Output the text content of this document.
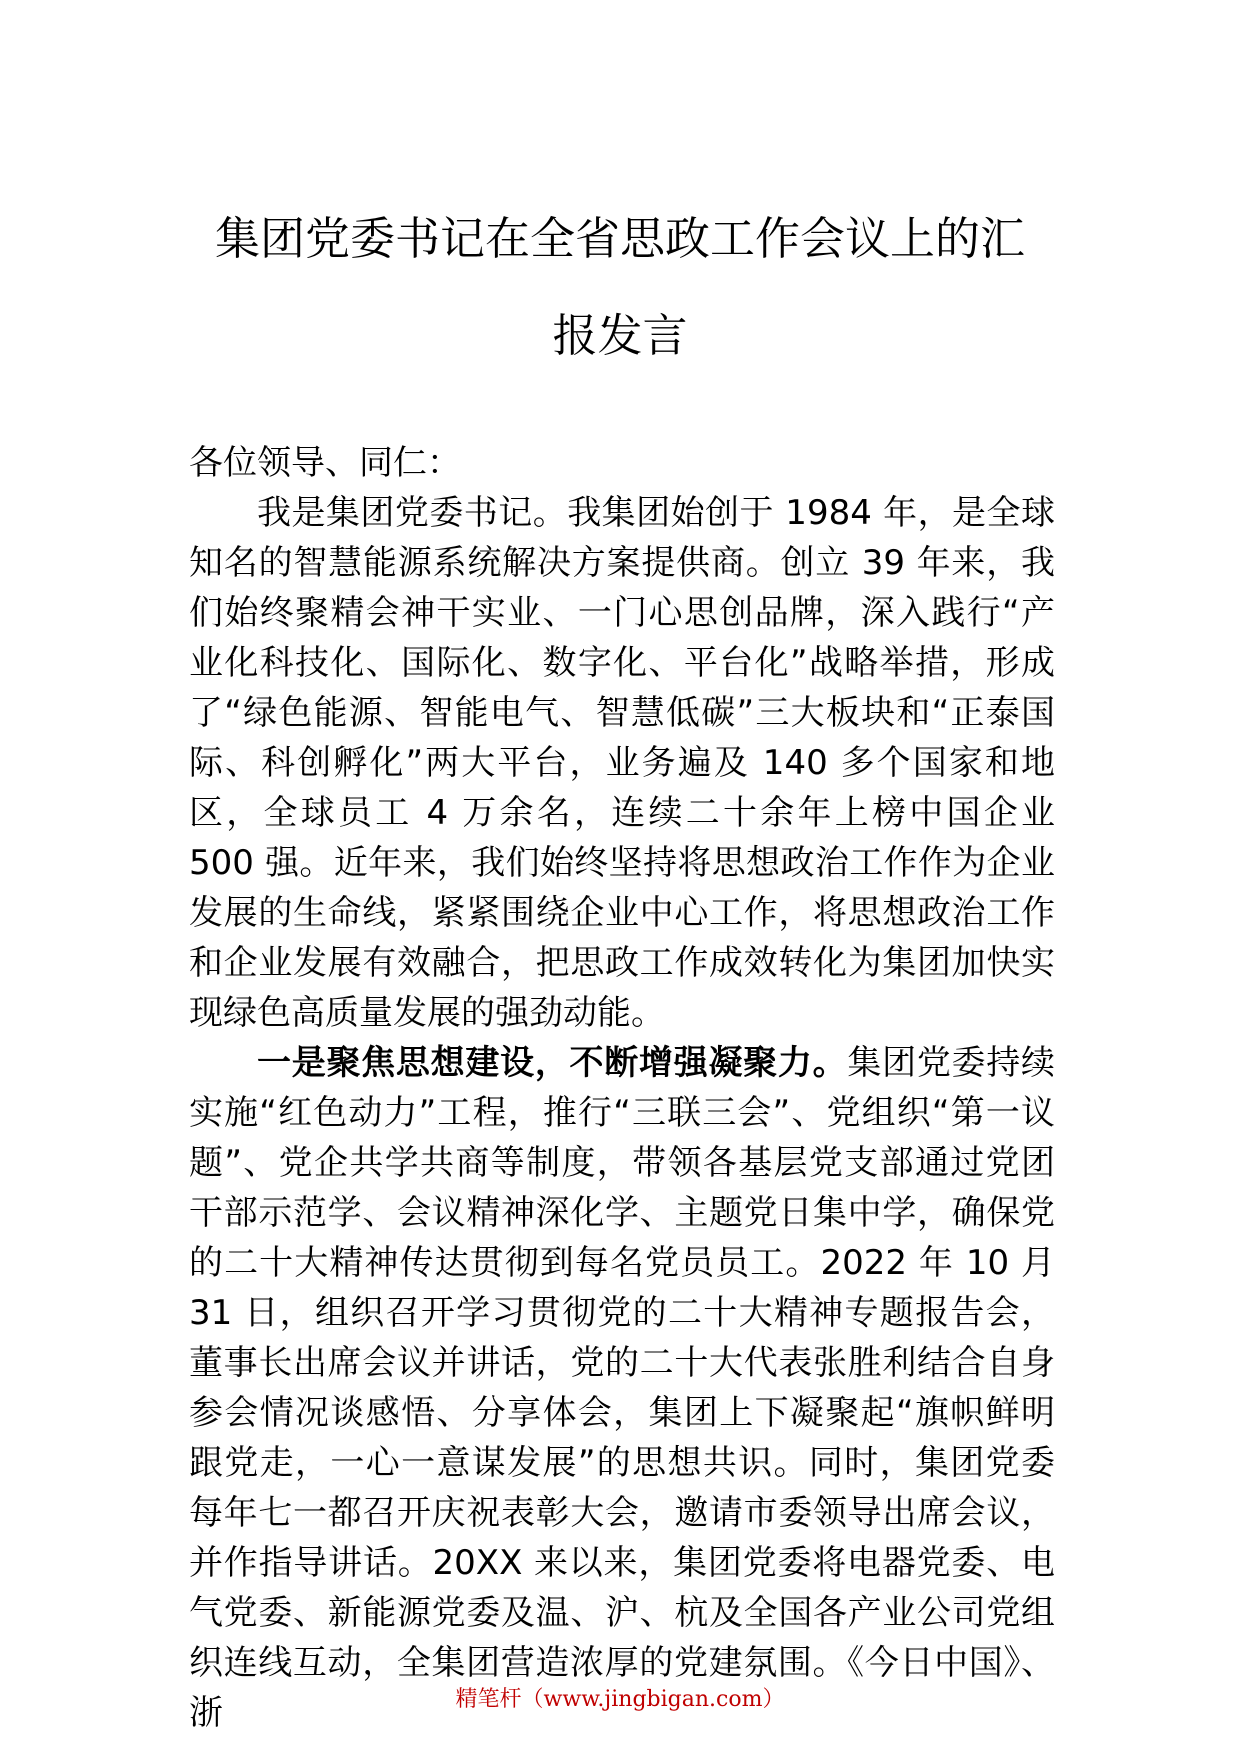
集团党委书记在全省思政工作会议上的汇
报发言

各位领导、同仁：

我是集团党委书记。我集团始创于 1984 年，是全球知名的智慧能源系统解决方案提供商。创立 39 年来，我们始终聚精会神干实业、一门心思创品牌，深入践行“产业化科技化、国际化、数字化、平台化”战略举措，形成了“绿色能源、智能电气、智慧低碳”三大板块和“正泰国际、科创孵化”两大平台，业务遍及 140 多个国家和地区，全球员工 4 万余名，连续二十余年上榜中国企业 500 强。近年来，我们始终坚持将思想政治工作作为企业发展的生命线，紧紧围绕企业中心工作，将思想政治工作和企业发展有效融合，把思政工作成效转化为集团加快实现绿色高质量发展的强劲动能。

一是聚焦思想建设，不断增强凝聚力。集团党委持续实施“红色动力”工程，推行“三联三会”、党组织“第一议题”、党企共学共商等制度，带领各基层党支部通过党团干部示范学、会议精神深化学、主题党日集中学，确保党的二十大精神传达贯彻到每名党员员工。2022 年 10 月 31 日，组织召开学习贯彻党的二十大精神专题报告会，董事长出席会议并讲话，党的二十大代表张胜利结合自身参会情况谈感悟、分享体会，集团上下凝聚起“旗帜鲜明跟党走，一心一意谋发展”的思想共识。同时，集团党委每年七一都召开庆祝表彰大会，邀请市委领导出席会议，并作指导讲话。20XX 来以来，集团党委将电器党委、电气党委、新能源党委及温、沪、杭及全国各产业公司党组织连线互动，全集团营造浓厚的党建氛围。《今日中国》、浙	精笔杆（www.jingbigan.com）
